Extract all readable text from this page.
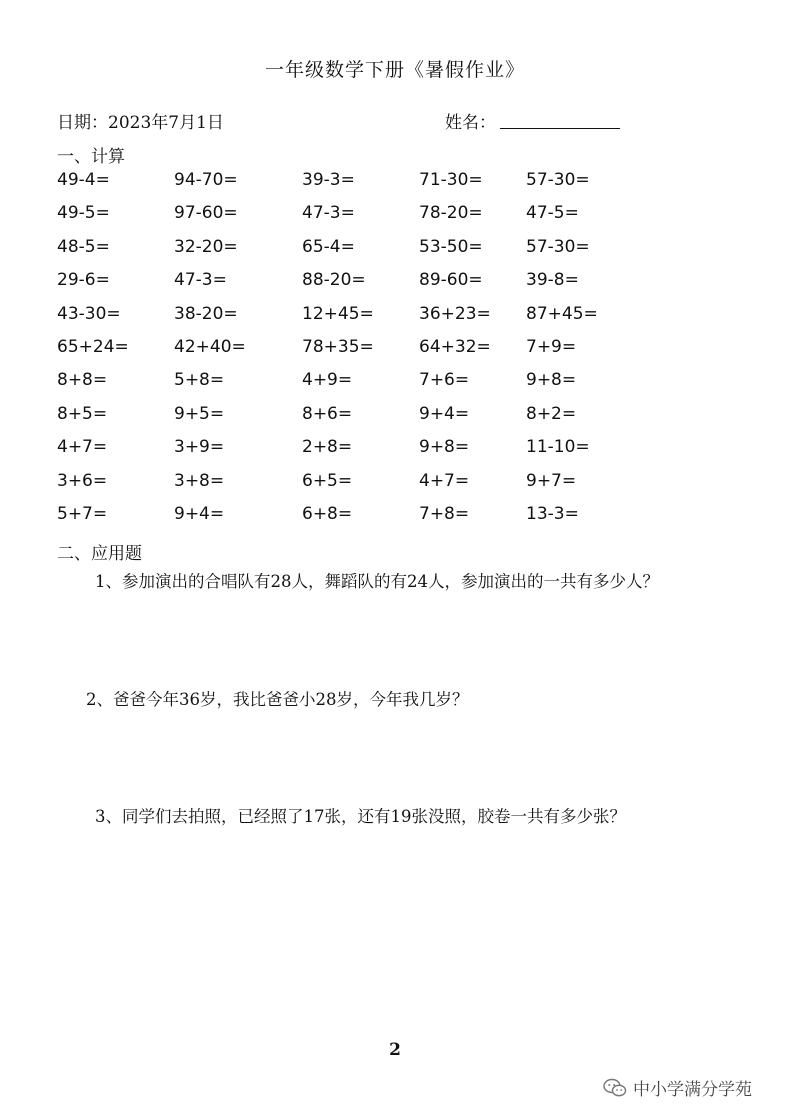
一年级数学下册《暑假作业》
日期：2023年7月1日	姓名：
一、计算
49-4=	94-70=	39-3=	71-30=	57-30=
49-5=	97-60=	47-3=	78-20=	47-5=
48-5=	32-20=	65-4=	53-50=	57-30=
29-6=	47-3=	88-20=	89-60=	39-8=
43-30=	38-20=	12+45=	36+23= 87+45=
65+24=	42+40=	78+35=	64+32= 7+9=
8+8=	5+8=	4+9=	7+6=	9+8=
8+5=	9+5=	8+6=	9+4=	8+2=
4+7=	3+9=	2+8=	9+8=	11-10=
3+6=	3+8=	6+5=	4+7=	9+7=
5+7=	9+4=	6+8=	7+8=	13-3=
二、应用题
1、参加演出的合唱队有28人，舞蹈队的有24人，参加演出的一共有多少人？
2、爸爸今年36岁，我比爸爸小28岁，今年我几岁？
3、同学们去拍照，已经照了17张，还有19张没照，胶卷一共有多少张？
2
中小学满分学苑
